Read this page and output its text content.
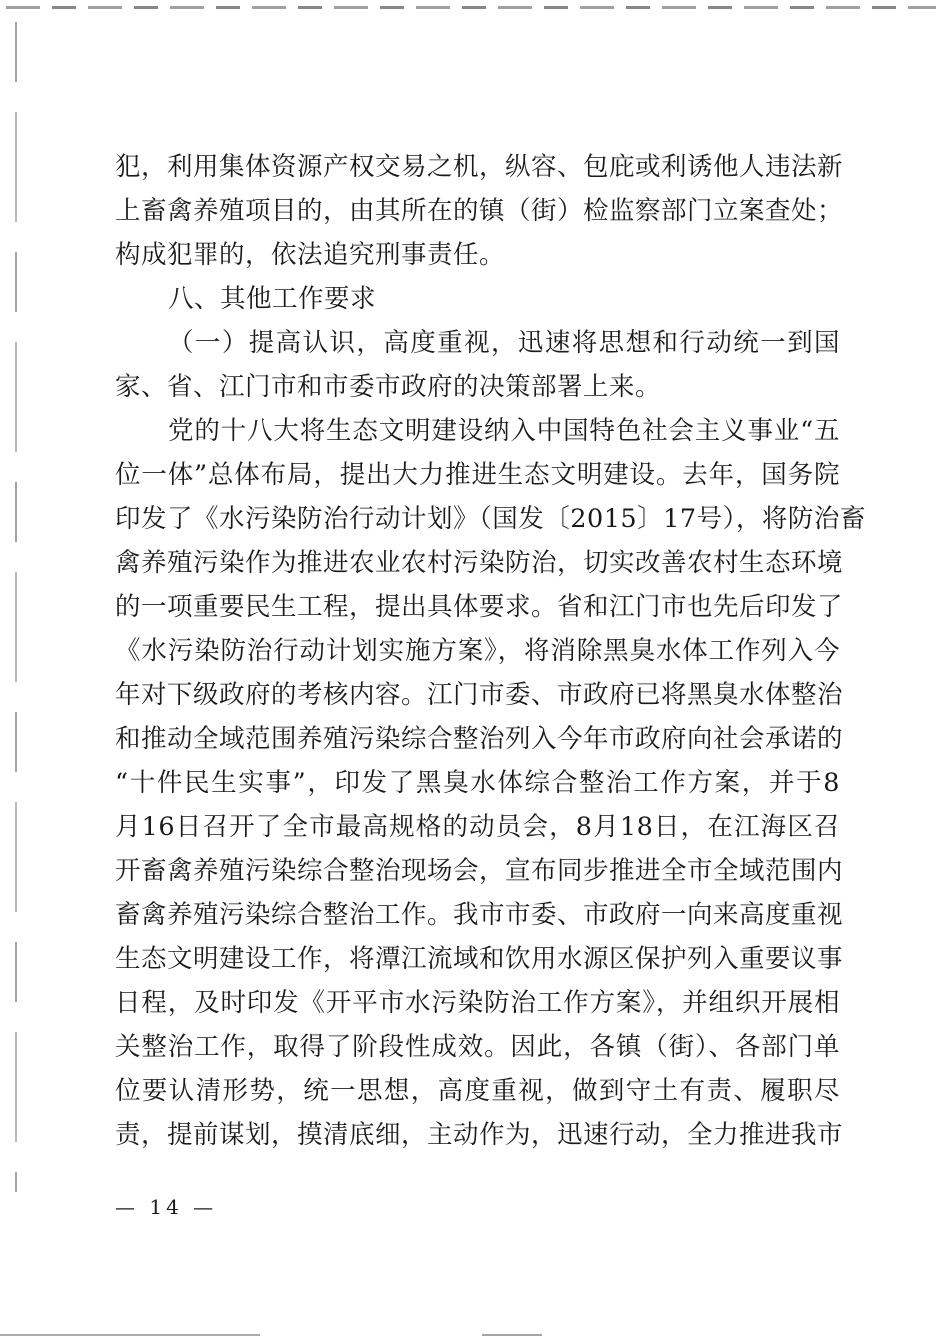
犯，利用集体资源产权交易之机，纵容、包庇或利诱他人违法新
上畜禽养殖项目的，由其所在的镇（街）检监察部门立案查处；
构成犯罪的，依法追究刑事责任。
八、其他工作要求
（一）提高认识，高度重视，迅速将思想和行动统一到国
家、省、江门市和市委市政府的决策部署上来。
党的十八大将生态文明建设纳入中国特色社会主义事业“五
位一体”总体布局，提出大力推进生态文明建设。去年，国务院
印发了《水污染防治行动计划》（国发〔2015〕17号），将防治畜
禽养殖污染作为推进农业农村污染防治，切实改善农村生态环境
的一项重要民生工程，提出具体要求。省和江门市也先后印发了
《水污染防治行动计划实施方案》，将消除黑臭水体工作列入今
年对下级政府的考核内容。江门市委、市政府已将黑臭水体整治
和推动全域范围养殖污染综合整治列入今年市政府向社会承诺的
“十件民生实事”，印发了黑臭水体综合整治工作方案，并于8
月16日召开了全市最高规格的动员会，8月18日，在江海区召
开畜禽养殖污染综合整治现场会，宣布同步推进全市全域范围内
畜禽养殖污染综合整治工作。我市市委、市政府一向来高度重视
生态文明建设工作，将潭江流域和饮用水源区保护列入重要议事
日程，及时印发《开平市水污染防治工作方案》，并组织开展相
关整治工作，取得了阶段性成效。因此，各镇（街）、各部门单
位要认清形势，统一思想，高度重视，做到守土有责、履职尽
责，提前谋划，摸清底细，主动作为，迅速行动，全力推进我市
— 14 —
